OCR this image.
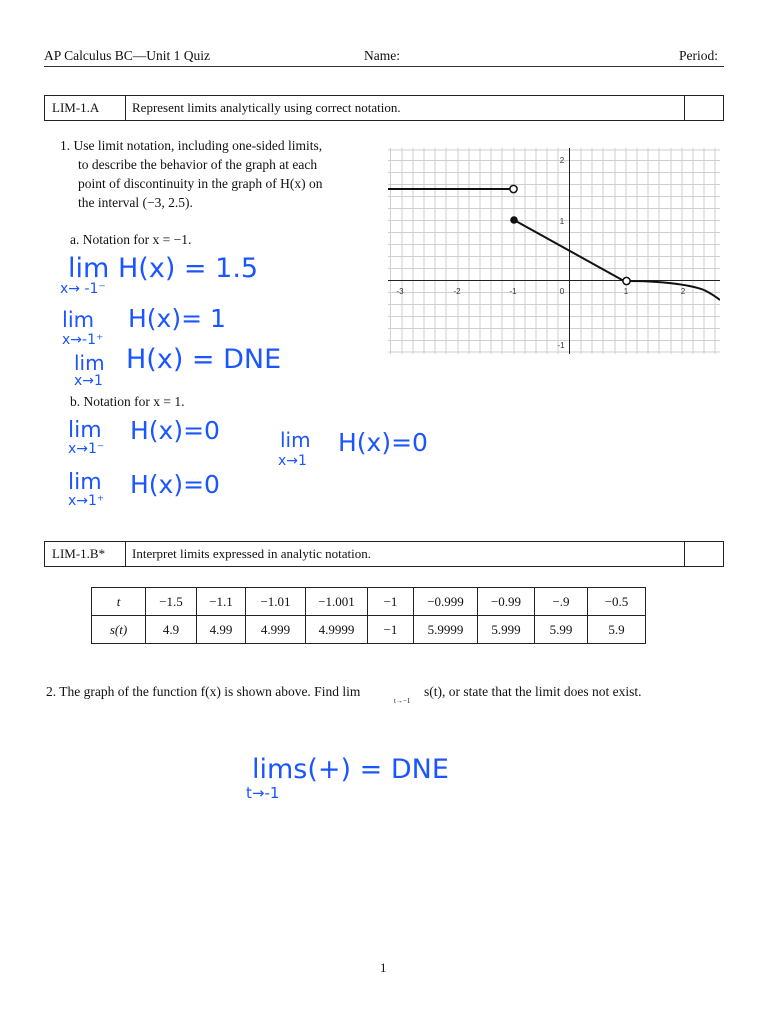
AP Calculus BC—Unit 1 Quiz	Name:	Period:
LIM-1.A	Represent limits analytically using correct notation.
1. Use limit notation, including one-sided limits,
to describe the behavior of the graph at each
point of discontinuity in the graph of H(x) on
the interval (−3, 2.5).
a. Notation for x = −1.
lim
x→ -1⁻
H(x) = 1.5
lim
x→-1⁺
H(x)= 1
lim
x→1
H(x) = DNE
b. Notation for x = 1.
lim
x→1⁻
H(x)=0
lim
x→1⁺
H(x)=0
lim
x→1
H(x)=0
-3	-2	-1	0	1	2
2
1
-1
LIM-1.B*	Interpret limits expressed in analytic notation.
t	−1.5	−1.1	−1.01	−1.001	−1	−0.999	−0.99	−.9	−0.5
s(t)	4.9	4.99	4.999	4.9999	−1	5.9999	5.999	5.99	5.9
2. The graph of the function f(x) is shown above. Find lim
t→−1
s(t), or state that the limit does not exist.
lims(+) = DNE
t→-1
1
